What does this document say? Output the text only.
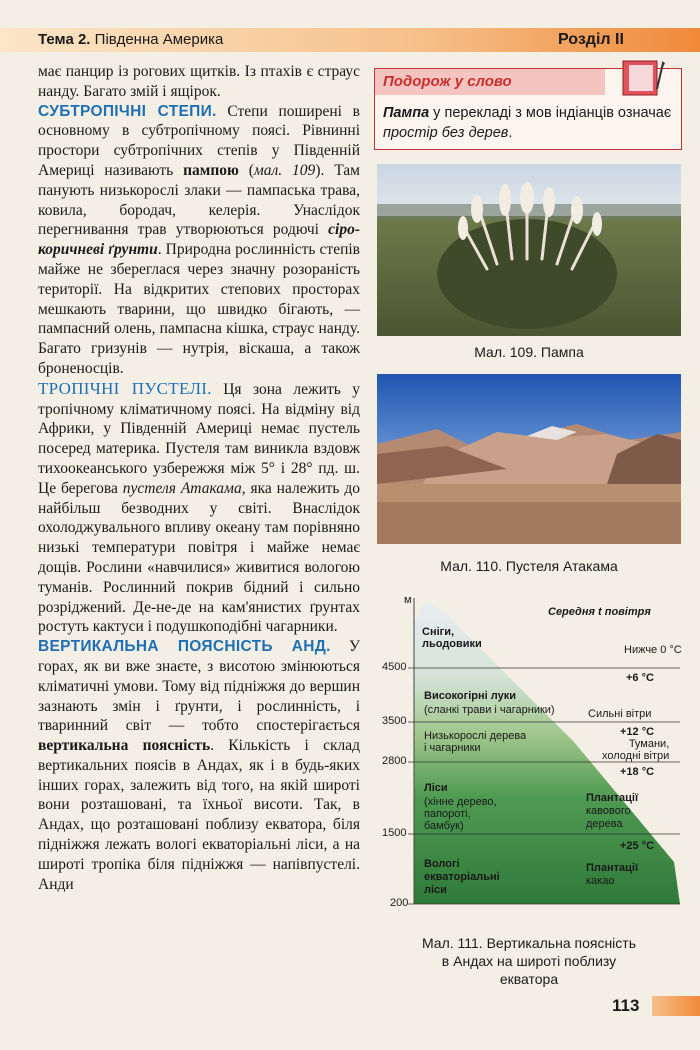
Тема 2. Південна Америка	Розділ II

має панцир із рогових щитків. Із птахів є страус нанду. Багато змій і ящірок.

СУБТРОПІЧНІ СТЕПИ. Степи поширені в основному в субтропічному поясі. Рівнинні простори субтропічних степів у Південній Америці називають пампою (мал. 109). Там панують низькорослі злаки — пампаська трава, ковила, бородач, келерія. Унаслідок перегнивання трав утворюються родючі сіро-коричневі ґрунти. Природна рослинність степів майже не збереглася через значну розораність території. На відкритих степових просторах мешкають тварини, що швидко бігають, — пампасний олень, пампасна кішка, страус нанду. Багато гризунів — нутрія, віскаша, а також броненосців.

ТРОПІЧНІ ПУСТЕЛІ. Ця зона лежить у тропічному кліматичному поясі. На відміну від Африки, у Південній Америці немає пустель посеред материка. Пустеля там виникла вздовж тихоокеанського узбережжя між 5° і 28° пд. ш. Це берегова пустеля Атакама, яка належить до найбільш безводних у світі. Внаслідок охолоджувального впливу океану там порівняно низькі температури повітря і майже немає дощів. Рослини «навчилися» живитися вологою туманів. Рослинний покрив бідний і сильно розріджений. Де-не-де на кам'янистих ґрунтах ростуть кактуси і подушкоподібні чагарники.

ВЕРТИКАЛЬНА ПОЯСНІСТЬ АНД. У горах, як ви вже знаєте, з висотою змінюються кліматичні умови. Тому від підніжжя до вершин зазнають змін і ґрунти, і рослинність, і тваринний світ — тобто спостерігається вертикальна поясність. Кількість і склад вертикальних поясів в Андах, як і в будь-яких інших горах, залежить від того, на якій широті вони розташовані, та їхньої висоти. Так, в Андах, що розташовані поблизу екватора, біля підніжжя лежать вологі екваторіальні ліси, а на широті тропіка біля підніжжя — напівпустелі. Анди

Подорож у слово
Пампа у перекладі з мов індіанців означає простір без дерев.
Мал. 109. Пампа
Мал. 110. Пустеля Атакама
м
Середня t повітря
4500
3500
2800
1500
200
Сніги,
льодовики
Високогірні луки
(сланкі трави і чагарники)
Низькорослі дерева
і чагарники
Ліси
(хінне дерево,
папороті,
бамбук)
Вологі
екваторіальні
ліси
Нижче 0 °С
+6 °С
Сильні вітри
+12 °С
Тумани,
холодні вітри
+18 °С
Плантації
кавового
дерева
+25 °С
Плантації
какао
Мал. 111. Вертикальна поясність
в Андах на широті поблизу
екватора
113
